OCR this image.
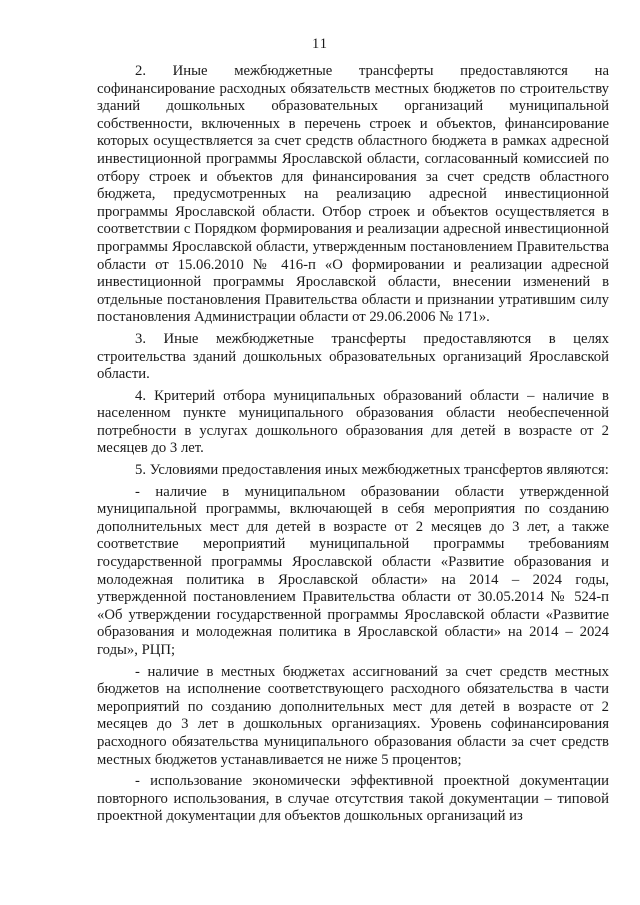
11

2. Иные межбюджетные трансферты предоставляются на софинансирование расходных обязательств местных бюджетов по строительству зданий дошкольных образовательных организаций муниципальной собственности, включенных в перечень строек и объектов, финансирование которых осуществляется за счет средств областного бюджета в рамках адресной инвестиционной программы Ярославской области, согласованный комиссией по отбору строек и объектов для финансирования за счет средств областного бюджета, предусмотренных на реализацию адресной инвестиционной программы Ярославской области. Отбор строек и объектов осуществляется в соответствии с Порядком формирования и реализации адресной инвестиционной программы Ярославской области, утвержденным постановлением Правительства области от 15.06.2010 № 416-п «О формировании и реализации адресной инвестиционной программы Ярославской области, внесении изменений в отдельные постановления Правительства области и признании утратившим силу постановления Администрации области от 29.06.2006 № 171».

3. Иные межбюджетные трансферты предоставляются в целях строительства зданий дошкольных образовательных организаций Ярославской области.

4. Критерий отбора муниципальных образований области – наличие в населенном пункте муниципального образования области необеспеченной потребности в услугах дошкольного образования для детей в возрасте от 2 месяцев до 3 лет.

5. Условиями предоставления иных межбюджетных трансфертов являются:

- наличие в муниципальном образовании области утвержденной муниципальной программы, включающей в себя мероприятия по созданию дополнительных мест для детей в возрасте от 2 месяцев до 3 лет, а также соответствие мероприятий муниципальной программы требованиям государственной программы Ярославской области «Развитие образования и молодежная политика в Ярославской области» на 2014 – 2024 годы, утвержденной постановлением Правительства области от 30.05.2014 № 524-п «Об утверждении государственной программы Ярославской области «Развитие образования и молодежная политика в Ярославской области» на 2014 – 2024 годы», РЦП;

- наличие в местных бюджетах ассигнований за счет средств местных бюджетов на исполнение соответствующего расходного обязательства в части мероприятий по созданию дополнительных мест для детей в возрасте от 2 месяцев до 3 лет в дошкольных организациях. Уровень софинансирования расходного обязательства муниципального образования области за счет средств местных бюджетов устанавливается не ниже 5 процентов;

- использование экономически эффективной проектной документации повторного использования, в случае отсутствия такой документации – типовой проектной документации для объектов дошкольных организаций из
